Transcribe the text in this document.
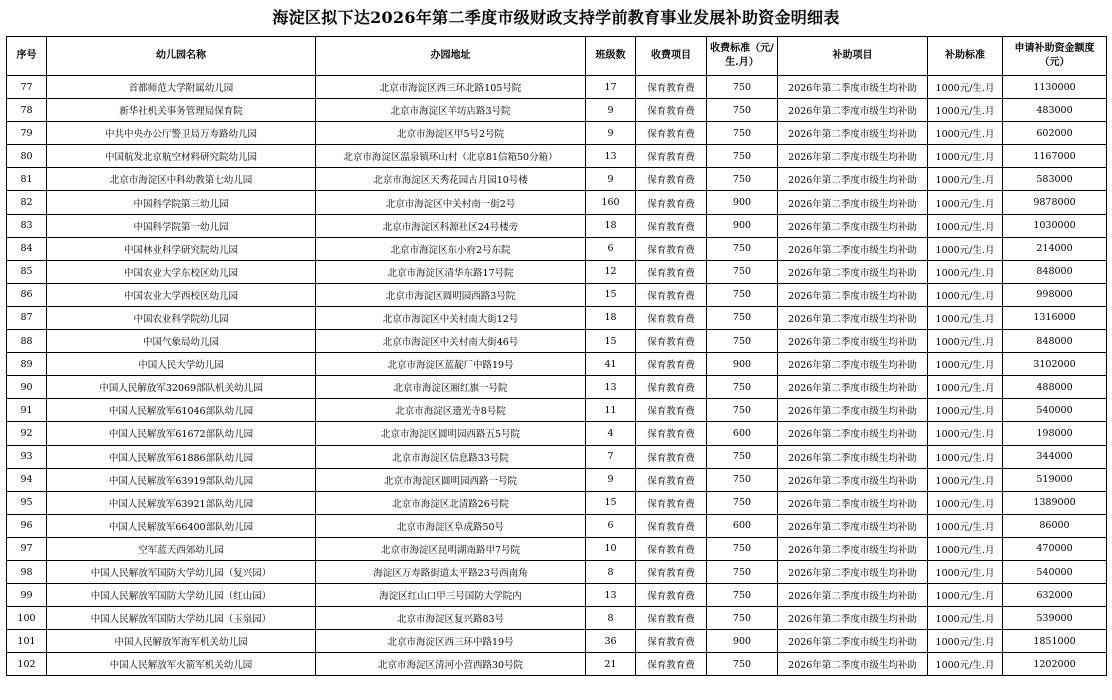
海淀区拟下达2026年第二季度市级财政支持学前教育事业发展补助资金明细表
序号	幼儿园名称	办园地址	班级数	收费项目	收费标准（元/生.月）	补助项目	补助标准	申请补助资金额度（元）
77	首都师范大学附属幼儿园	北京市海淀区西三环北路105号院	17	保育教育费	750	2026年第二季度市级生均补助	1000元/生.月	1130000
78	新华社机关事务管理局保育院	北京市海淀区羊坊店路3号院	9	保育教育费	750	2026年第二季度市级生均补助	1000元/生.月	483000
79	中共中央办公厅警卫局万寿路幼儿园	北京市海淀区甲5号2号院	9	保育教育费	750	2026年第二季度市级生均补助	1000元/生.月	602000
80	中国航发北京航空材料研究院幼儿园	北京市海淀区温泉镇环山村（北京81信箱50分箱）	13	保育教育费	750	2026年第二季度市级生均补助	1000元/生.月	1167000
81	北京市海淀区中科幼教第七幼儿园	北京市海淀区天秀花园古月园10号楼	9	保育教育费	750	2026年第二季度市级生均补助	1000元/生.月	583000
82	中国科学院第三幼儿园	北京市海淀区中关村南一街2号	160	保育教育费	900	2026年第二季度市级生均补助	1000元/生.月	9878000
83	中国科学院第一幼儿园	北京市海淀区科源社区24号楼旁	18	保育教育费	900	2026年第二季度市级生均补助	1000元/生.月	1030000
84	中国林业科学研究院幼儿园	北京市海淀区东小府2号东院	6	保育教育费	750	2026年第二季度市级生均补助	1000元/生.月	214000
85	中国农业大学东校区幼儿园	北京市海淀区清华东路17号院	12	保育教育费	750	2026年第二季度市级生均补助	1000元/生.月	848000
86	中国农业大学西校区幼儿园	北京市海淀区圆明园西路3号院	15	保育教育费	750	2026年第二季度市级生均补助	1000元/生.月	998000
87	中国农业科学院幼儿园	北京市海淀区中关村南大街12号	18	保育教育费	750	2026年第二季度市级生均补助	1000元/生.月	1316000
88	中国气象局幼儿园	北京市海淀区中关村南大街46号	15	保育教育费	750	2026年第二季度市级生均补助	1000元/生.月	848000
89	中国人民大学幼儿园	北京市海淀区蓝靛厂中路19号	41	保育教育费	900	2026年第二季度市级生均补助	1000元/生.月	3102000
90	中国人民解放军32069部队机关幼儿园	北京市海淀区厢红旗一号院	13	保育教育费	750	2026年第二季度市级生均补助	1000元/生.月	488000
91	中国人民解放军61046部队幼儿园	北京市海淀区遗光寺8号院	11	保育教育费	750	2026年第二季度市级生均补助	1000元/生.月	540000
92	中国人民解放军61672部队幼儿园	北京市海淀区圆明园西路五5号院	4	保育教育费	600	2026年第二季度市级生均补助	1000元/生.月	198000
93	中国人民解放军61886部队幼儿园	北京市海淀区信息路33号院	7	保育教育费	750	2026年第二季度市级生均补助	1000元/生.月	344000
94	中国人民解放军63919部队幼儿园	北京市海淀区圆明园西路一号院	9	保育教育费	750	2026年第二季度市级生均补助	1000元/生.月	519000
95	中国人民解放军63921部队幼儿园	北京市海淀区北清路26号院	15	保育教育费	750	2026年第二季度市级生均补助	1000元/生.月	1389000
96	中国人民解放军66400部队幼儿园	北京市海淀区阜成路50号	6	保育教育费	600	2026年第二季度市级生均补助	1000元/生.月	86000
97	空军蓝天西郊幼儿园	北京市海淀区昆明湖南路甲7号院	10	保育教育费	750	2026年第二季度市级生均补助	1000元/生.月	470000
98	中国人民解放军国防大学幼儿园（复兴园）	海淀区万寿路街道太平路23号西南角	8	保育教育费	750	2026年第二季度市级生均补助	1000元/生.月	540000
99	中国人民解放军国防大学幼儿园（红山园）	海淀区红山口甲三号国防大学院内	13	保育教育费	750	2026年第二季度市级生均补助	1000元/生.月	632000
100	中国人民解放军国防大学幼儿园（玉泉园）	北京市海淀区复兴路83号	8	保育教育费	750	2026年第二季度市级生均补助	1000元/生.月	539000
101	中国人民解放军海军机关幼儿园	北京市海淀区西三环中路19号	36	保育教育费	900	2026年第二季度市级生均补助	1000元/生.月	1851000
102	中国人民解放军火箭军机关幼儿园	北京市海淀区清河小营西路30号院	21	保育教育费	750	2026年第二季度市级生均补助	1000元/生.月	1202000
